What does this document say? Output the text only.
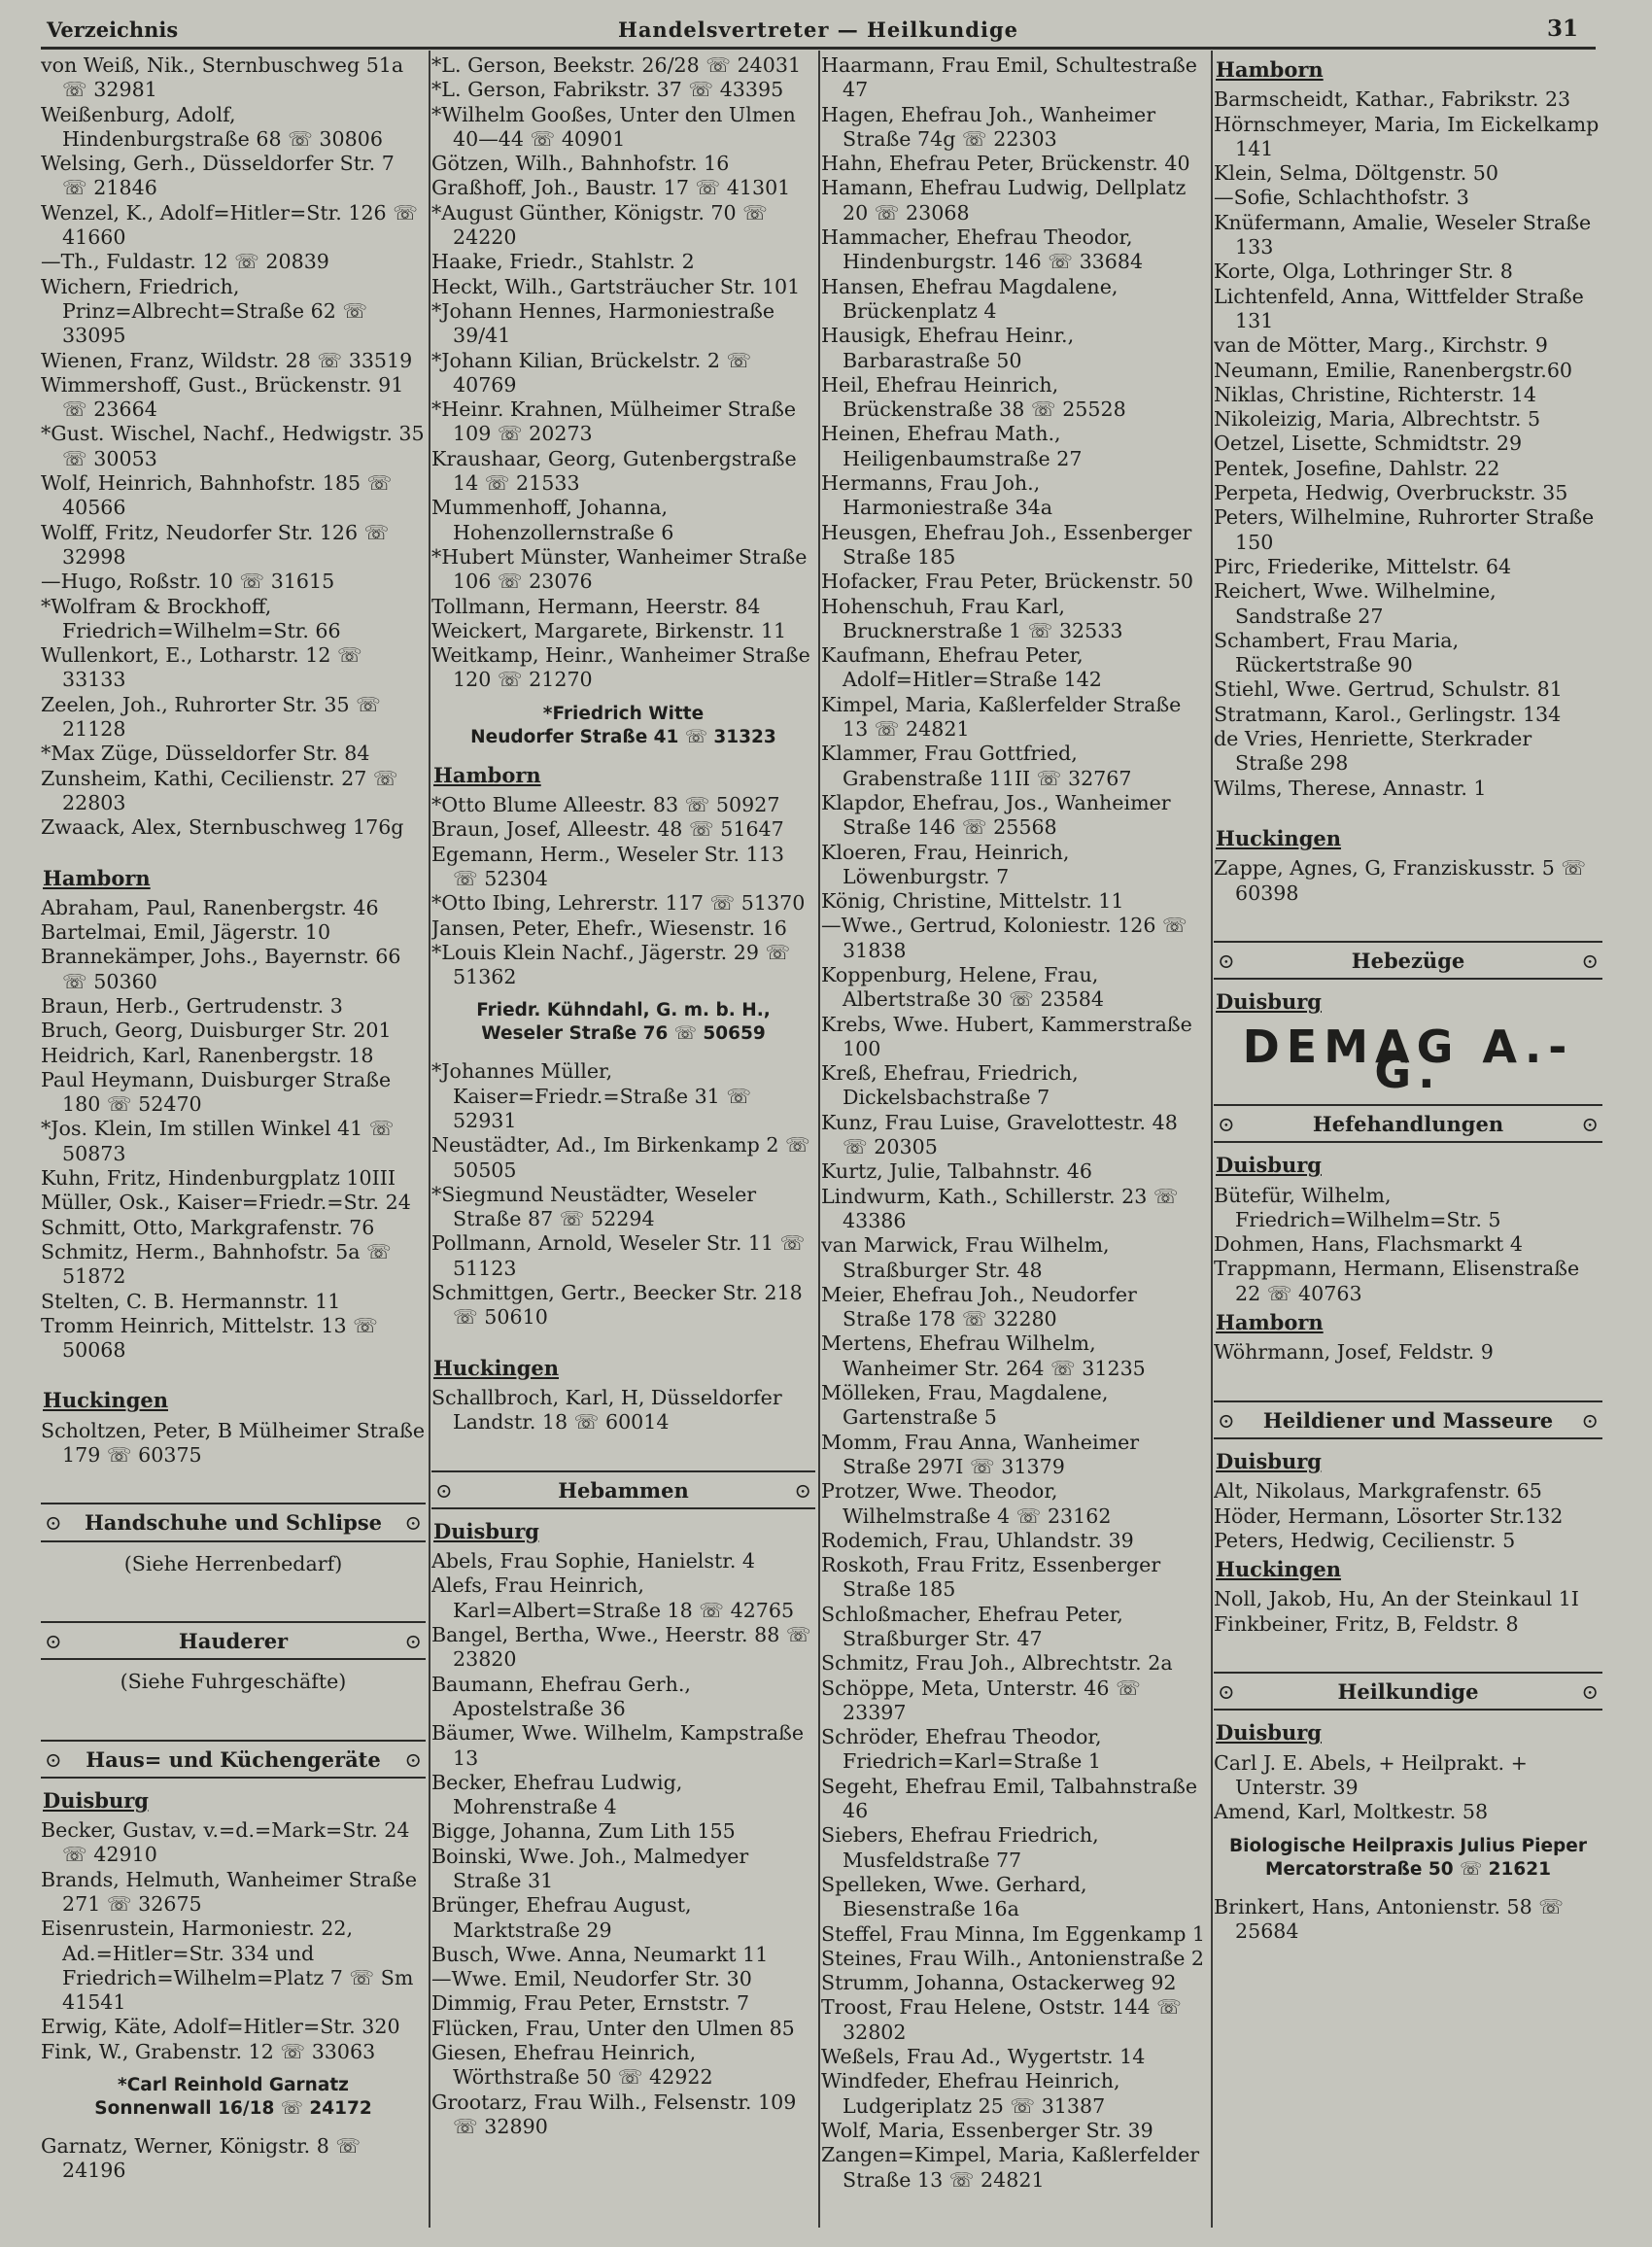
Verzeichnis	Handelsvertreter — Heilkundige	31
von Weiß, Nik., Sternbuschweg 51a ☏ 32981
Weißenburg, Adolf, Hindenburgstraße 68 ☏ 30806
Welsing, Gerh., Düsseldorfer Str. 7 ☏ 21846
Wenzel, K., Adolf=Hitler=Str. 126 ☏ 41660
—Th., Fuldastr. 12 ☏ 20839
Wichern, Friedrich, Prinz=Albrecht=Straße 62 ☏ 33095
Wienen, Franz, Wildstr. 28 ☏ 33519
Wimmershoff, Gust., Brückenstr. 91 ☏ 23664
*Gust. Wischel, Nachf., Hedwigstr. 35 ☏ 30053
Wolf, Heinrich, Bahnhofstr. 185 ☏ 40566
Wolff, Fritz, Neudorfer Str. 126 ☏ 32998
—Hugo, Roßstr. 10 ☏ 31615
*Wolfram & Brockhoff, Friedrich=Wilhelm=Str. 66
Wullenkort, E., Lotharstr. 12 ☏ 33133
Zeelen, Joh., Ruhrorter Str. 35 ☏ 21128
*Max Züge, Düsseldorfer Str. 84
Zunsheim, Kathi, Cecilienstr. 27 ☏ 22803
Zwaack, Alex, Sternbuschweg 176g
Hamborn
Abraham, Paul, Ranenbergstr. 46
Bartelmai, Emil, Jägerstr. 10
Brannekämper, Johs., Bayernstr. 66 ☏ 50360
Braun, Herb., Gertrudenstr. 3
Bruch, Georg, Duisburger Str. 201
Heidrich, Karl, Ranenbergstr. 18
Paul Heymann, Duisburger Straße 180 ☏ 52470
*Jos. Klein, Im stillen Winkel 41 ☏ 50873
Kuhn, Fritz, Hindenburgplatz 10III
Müller, Osk., Kaiser=Friedr.=Str. 24
Schmitt, Otto, Markgrafenstr. 76
Schmitz, Herm., Bahnhofstr. 5a ☏ 51872
Stelten, C. B. Hermannstr. 11
Tromm Heinrich, Mittelstr. 13 ☏ 50068
Huckingen
Scholtzen, Peter, B Mülheimer Straße 179 ☏ 60375
⊙ Handschuhe und Schlipse ⊙
(Siehe Herrenbedarf)
⊙	Hauderer	⊙
(Siehe Fuhrgeschäfte)
⊙ Haus= und Küchengeräte ⊙
Duisburg
Becker, Gustav, v.=d.=Mark=Str. 24 ☏ 42910
Brands, Helmuth, Wanheimer Straße 271 ☏ 32675
Eisenrustein, Harmoniestr. 22, Ad.=Hitler=Str. 334 und Friedrich=Wilhelm=Platz 7 ☏ Sm 41541
Erwig, Käte, Adolf=Hitler=Str. 320
Fink, W., Grabenstr. 12 ☏ 33063
*Carl Reinhold Garnatz
Sonnenwall 16/18 ☏ 24172
Garnatz, Werner, Königstr. 8 ☏ 24196
*L. Gerson, Beekstr. 26/28 ☏ 24031
*L. Gerson, Fabrikstr. 37 ☏ 43395
*Wilhelm Gooßes, Unter den Ulmen 40—44 ☏ 40901
Götzen, Wilh., Bahnhofstr. 16
Graßhoff, Joh., Baustr. 17 ☏ 41301
*August Günther, Königstr. 70 ☏ 24220
Haake, Friedr., Stahlstr. 2
Heckt, Wilh., Gartsträucher Str. 101
*Johann Hennes, Harmoniestraße 39/41
*Johann Kilian, Brückelstr. 2 ☏ 40769
*Heinr. Krahnen, Mülheimer Straße 109 ☏ 20273
Kraushaar, Georg, Gutenbergstraße 14 ☏ 21533
Mummenhoff, Johanna, Hohenzollernstraße 6
*Hubert Münster, Wanheimer Straße 106 ☏ 23076
Tollmann, Hermann, Heerstr. 84
Weickert, Margarete, Birkenstr. 11
Weitkamp, Heinr., Wanheimer Straße 120 ☏ 21270
*Friedrich Witte
Neudorfer Straße 41 ☏ 31323
Hamborn
*Otto Blume Alleestr. 83 ☏ 50927
Braun, Josef, Alleestr. 48 ☏ 51647
Egemann, Herm., Weseler Str. 113 ☏ 52304
*Otto Ibing, Lehrerstr. 117 ☏ 51370
Jansen, Peter, Ehefr., Wiesenstr. 16
*Louis Klein Nachf., Jägerstr. 29 ☏ 51362
Friedr. Kühndahl, G. m. b. H.,
Weseler Straße 76 ☏ 50659
*Johannes Müller, Kaiser=Friedr.=Straße 31 ☏ 52931
Neustädter, Ad., Im Birkenkamp 2 ☏ 50505
*Siegmund Neustädter, Weseler Straße 87 ☏ 52294
Pollmann, Arnold, Weseler Str. 11 ☏ 51123
Schmittgen, Gertr., Beecker Str. 218 ☏ 50610
Huckingen
Schallbroch, Karl, H, Düsseldorfer Landstr. 18 ☏ 60014
⊙	Hebammen	⊙
Duisburg
Abels, Frau Sophie, Hanielstr. 4
Alefs, Frau Heinrich, Karl=Albert=Straße 18 ☏ 42765
Bangel, Bertha, Wwe., Heerstr. 88 ☏ 23820
Baumann, Ehefrau Gerh., Apostelstraße 36
Bäumer, Wwe. Wilhelm, Kampstraße 13
Becker, Ehefrau Ludwig, Mohrenstraße 4
Bigge, Johanna, Zum Lith 155
Boinski, Wwe. Joh., Malmedyer Straße 31
Brünger, Ehefrau August, Marktstraße 29
Busch, Wwe. Anna, Neumarkt 11
—Wwe. Emil, Neudorfer Str. 30
Dimmig, Frau Peter, Ernststr. 7
Flücken, Frau, Unter den Ulmen 85
Giesen, Ehefrau Heinrich, Wörthstraße 50 ☏ 42922
Grootarz, Frau Wilh., Felsenstr. 109 ☏ 32890
Haarmann, Frau Emil, Schultestraße 47
Hagen, Ehefrau Joh., Wanheimer Straße 74g ☏ 22303
Hahn, Ehefrau Peter, Brückenstr. 40
Hamann, Ehefrau Ludwig, Dellplatz 20 ☏ 23068
Hammacher, Ehefrau Theodor, Hindenburgstr. 146 ☏ 33684
Hansen, Ehefrau Magdalene, Brückenplatz 4
Hausigk, Ehefrau Heinr., Barbarastraße 50
Heil, Ehefrau Heinrich, Brückenstraße 38 ☏ 25528
Heinen, Ehefrau Math., Heiligenbaumstraße 27
Hermanns, Frau Joh., Harmoniestraße 34a
Heusgen, Ehefrau Joh., Essenberger Straße 185
Hofacker, Frau Peter, Brückenstr. 50
Hohenschuh, Frau Karl, Brucknerstraße 1 ☏ 32533
Kaufmann, Ehefrau Peter, Adolf=Hitler=Straße 142
Kimpel, Maria, Kaßlerfelder Straße 13 ☏ 24821
Klammer, Frau Gottfried, Grabenstraße 11II ☏ 32767
Klapdor, Ehefrau, Jos., Wanheimer Straße 146 ☏ 25568
Kloeren, Frau, Heinrich, Löwenburgstr. 7
König, Christine, Mittelstr. 11
—Wwe., Gertrud, Koloniestr. 126 ☏ 31838
Koppenburg, Helene, Frau, Albertstraße 30 ☏ 23584
Krebs, Wwe. Hubert, Kammerstraße 100
Kreß, Ehefrau, Friedrich, Dickelsbachstraße 7
Kunz, Frau Luise, Gravelottestr. 48 ☏ 20305
Kurtz, Julie, Talbahnstr. 46
Lindwurm, Kath., Schillerstr. 23 ☏ 43386
van Marwick, Frau Wilhelm, Straßburger Str. 48
Meier, Ehefrau Joh., Neudorfer Straße 178 ☏ 32280
Mertens, Ehefrau Wilhelm, Wanheimer Str. 264 ☏ 31235
Mölleken, Frau, Magdalene, Gartenstraße 5
Momm, Frau Anna, Wanheimer Straße 297I ☏ 31379
Protzer, Wwe. Theodor, Wilhelmstraße 4 ☏ 23162
Rodemich, Frau, Uhlandstr. 39
Roskoth, Frau Fritz, Essenberger Straße 185
Schloßmacher, Ehefrau Peter, Straßburger Str. 47
Schmitz, Frau Joh., Albrechtstr. 2a
Schöppe, Meta, Unterstr. 46 ☏ 23397
Schröder, Ehefrau Theodor, Friedrich=Karl=Straße 1
Segeht, Ehefrau Emil, Talbahnstraße 46
Siebers, Ehefrau Friedrich, Musfeldstraße 77
Spelleken, Wwe. Gerhard, Biesenstraße 16a
Steffel, Frau Minna, Im Eggenkamp 1
Steines, Frau Wilh., Antonienstraße 2
Strumm, Johanna, Ostackerweg 92
Troost, Frau Helene, Oststr. 144 ☏ 32802
Weßels, Frau Ad., Wygertstr. 14
Windfeder, Ehefrau Heinrich, Ludgeriplatz 25 ☏ 31387
Wolf, Maria, Essenberger Str. 39
Zangen=Kimpel, Maria, Kaßlerfelder Straße 13 ☏ 24821
Hamborn
Barmscheidt, Kathar., Fabrikstr. 23
Hörnschmeyer, Maria, Im Eickelkamp 141
Klein, Selma, Döltgenstr. 50
—Sofie, Schlachthofstr. 3
Knüfermann, Amalie, Weseler Straße 133
Korte, Olga, Lothringer Str. 8
Lichtenfeld, Anna, Wittfelder Straße 131
van de Mötter, Marg., Kirchstr. 9
Neumann, Emilie, Ranenbergstr.60
Niklas, Christine, Richterstr. 14
Nikoleizig, Maria, Albrechtstr. 5
Oetzel, Lisette, Schmidtstr. 29
Pentek, Josefine, Dahlstr. 22
Perpeta, Hedwig, Overbruckstr. 35
Peters, Wilhelmine, Ruhrorter Straße 150
Pirc, Friederike, Mittelstr. 64
Reichert, Wwe. Wilhelmine, Sandstraße 27
Schambert, Frau Maria, Rückertstraße 90
Stiehl, Wwe. Gertrud, Schulstr. 81
Stratmann, Karol., Gerlingstr. 134
de Vries, Henriette, Sterkrader Straße 298
Wilms, Therese, Annastr. 1
Huckingen
Zappe, Agnes, G, Franziskusstr. 5 ☏ 60398
⊙	Hebezüge	⊙
Duisburg
DEMAG A.-G.
⊙	Hefehandlungen	⊙
Duisburg
Bütefür, Wilhelm, Friedrich=Wilhelm=Str. 5
Dohmen, Hans, Flachsmarkt 4
Trappmann, Hermann, Elisenstraße 22 ☏ 40763
Hamborn
Wöhrmann, Josef, Feldstr. 9
⊙ Heildiener und Masseure ⊙
Duisburg
Alt, Nikolaus, Markgrafenstr. 65
Höder, Hermann, Lösorter Str.132
Peters, Hedwig, Cecilienstr. 5
Huckingen
Noll, Jakob, Hu, An der Steinkaul 1I
Finkbeiner, Fritz, B, Feldstr. 8
⊙	Heilkundige	⊙
Duisburg
Carl J. E. Abels, + Heilprakt. + Unterstr. 39
Amend, Karl, Moltkestr. 58
Biologische Heilpraxis Julius Pieper
Mercatorstraße 50 ☏ 21621
Brinkert, Hans, Antonienstr. 58 ☏ 25684
